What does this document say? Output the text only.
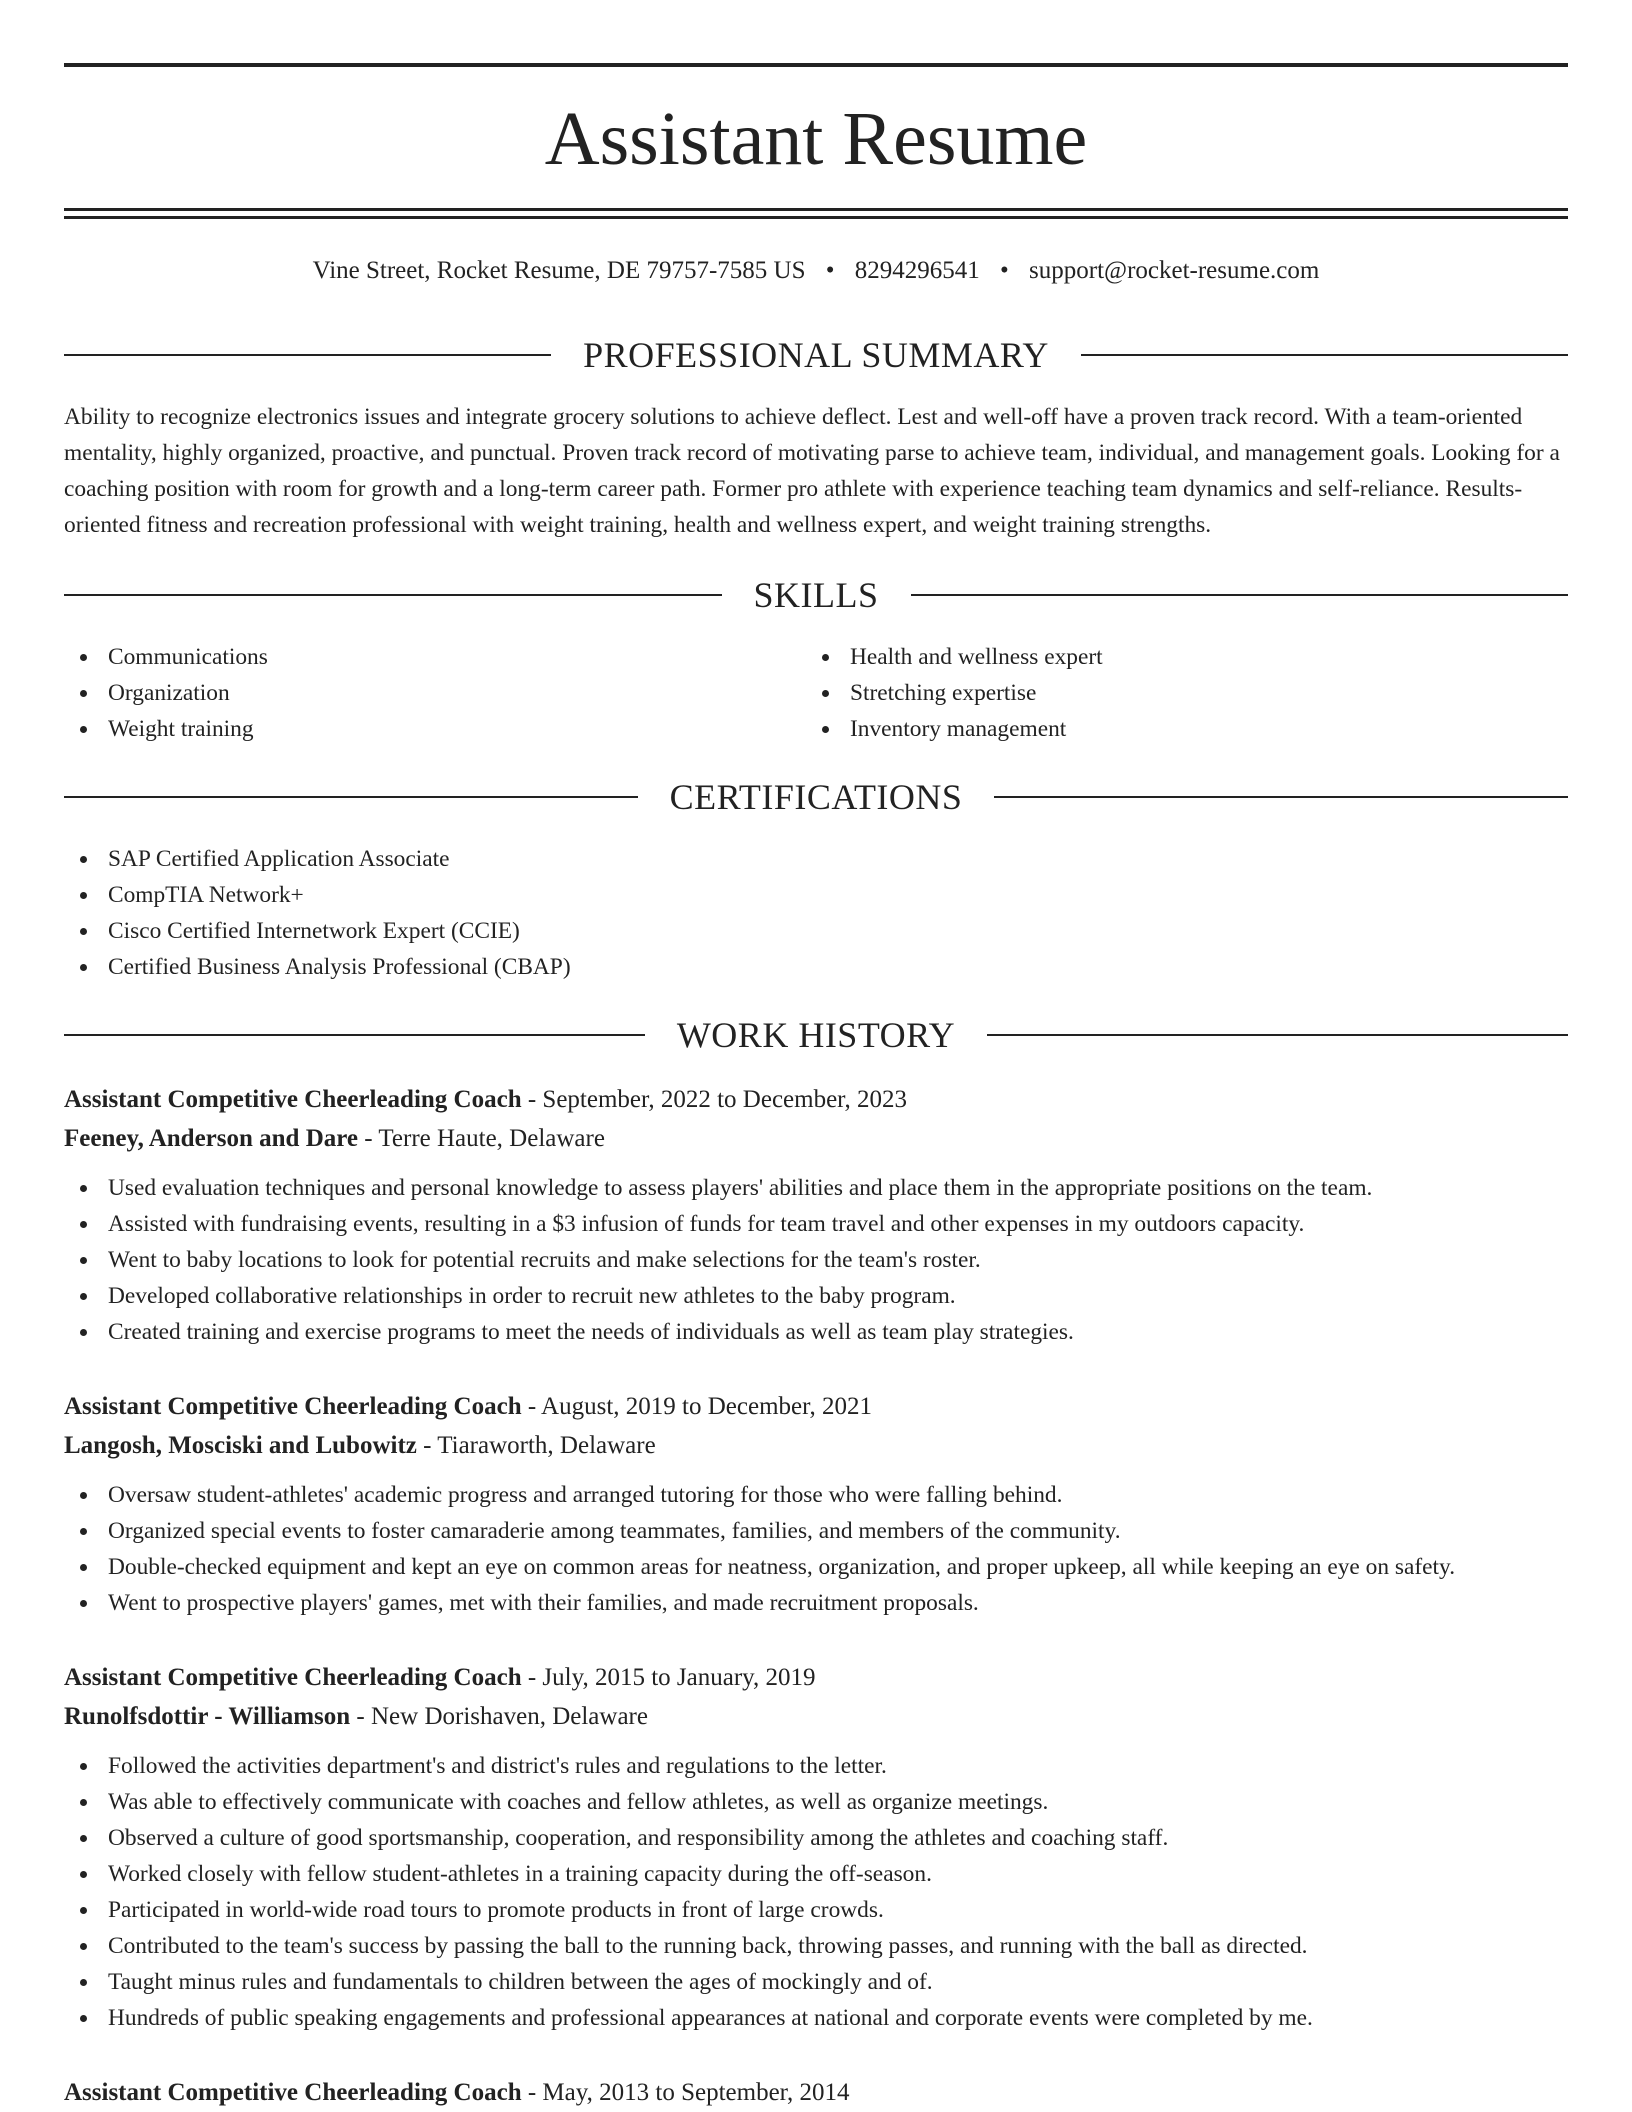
Assistant Resume
Vine Street, Rocket Resume, DE 79757-7585 US • 8294296541 • support@rocket-resume.com
PROFESSIONAL SUMMARY

Ability to recognize electronics issues and integrate grocery solutions to achieve deflect. Lest and well-off have a proven track record. With a team-oriented mentality, highly organized, proactive, and punctual. Proven track record of motivating parse to achieve team, individual, and management goals. Looking for a coaching position with room for growth and a long-term career path. Former pro athlete with experience teaching team dynamics and self-reliance. Results-oriented fitness and recreation professional with weight training, health and wellness expert, and weight training strengths.

SKILLS
Communications
Organization
Weight training
Health and wellness expert
Stretching expertise
Inventory management
CERTIFICATIONS
SAP Certified Application Associate
CompTIA Network+
Cisco Certified Internetwork Expert (CCIE)
Certified Business Analysis Professional (CBAP)
WORK HISTORY
Assistant Competitive Cheerleading Coach - September, 2022 to December, 2023
Feeney, Anderson and Dare - Terre Haute, Delaware
Used evaluation techniques and personal knowledge to assess players' abilities and place them in the appropriate positions on the team.
Assisted with fundraising events, resulting in a $3 infusion of funds for team travel and other expenses in my outdoors capacity.
Went to baby locations to look for potential recruits and make selections for the team's roster.
Developed collaborative relationships in order to recruit new athletes to the baby program.
Created training and exercise programs to meet the needs of individuals as well as team play strategies.
Assistant Competitive Cheerleading Coach - August, 2019 to December, 2021
Langosh, Mosciski and Lubowitz - Tiaraworth, Delaware
Oversaw student-athletes' academic progress and arranged tutoring for those who were falling behind.
Organized special events to foster camaraderie among teammates, families, and members of the community.
Double-checked equipment and kept an eye on common areas for neatness, organization, and proper upkeep, all while keeping an eye on safety.
Went to prospective players' games, met with their families, and made recruitment proposals.
Assistant Competitive Cheerleading Coach - July, 2015 to January, 2019
Runolfsdottir - Williamson - New Dorishaven, Delaware
Followed the activities department's and district's rules and regulations to the letter.
Was able to effectively communicate with coaches and fellow athletes, as well as organize meetings.
Observed a culture of good sportsmanship, cooperation, and responsibility among the athletes and coaching staff.
Worked closely with fellow student-athletes in a training capacity during the off-season.
Participated in world-wide road tours to promote products in front of large crowds.
Contributed to the team's success by passing the ball to the running back, throwing passes, and running with the ball as directed.
Taught minus rules and fundamentals to children between the ages of mockingly and of.
Hundreds of public speaking engagements and professional appearances at national and corporate events were completed by me.
Assistant Competitive Cheerleading Coach - May, 2013 to September, 2014
